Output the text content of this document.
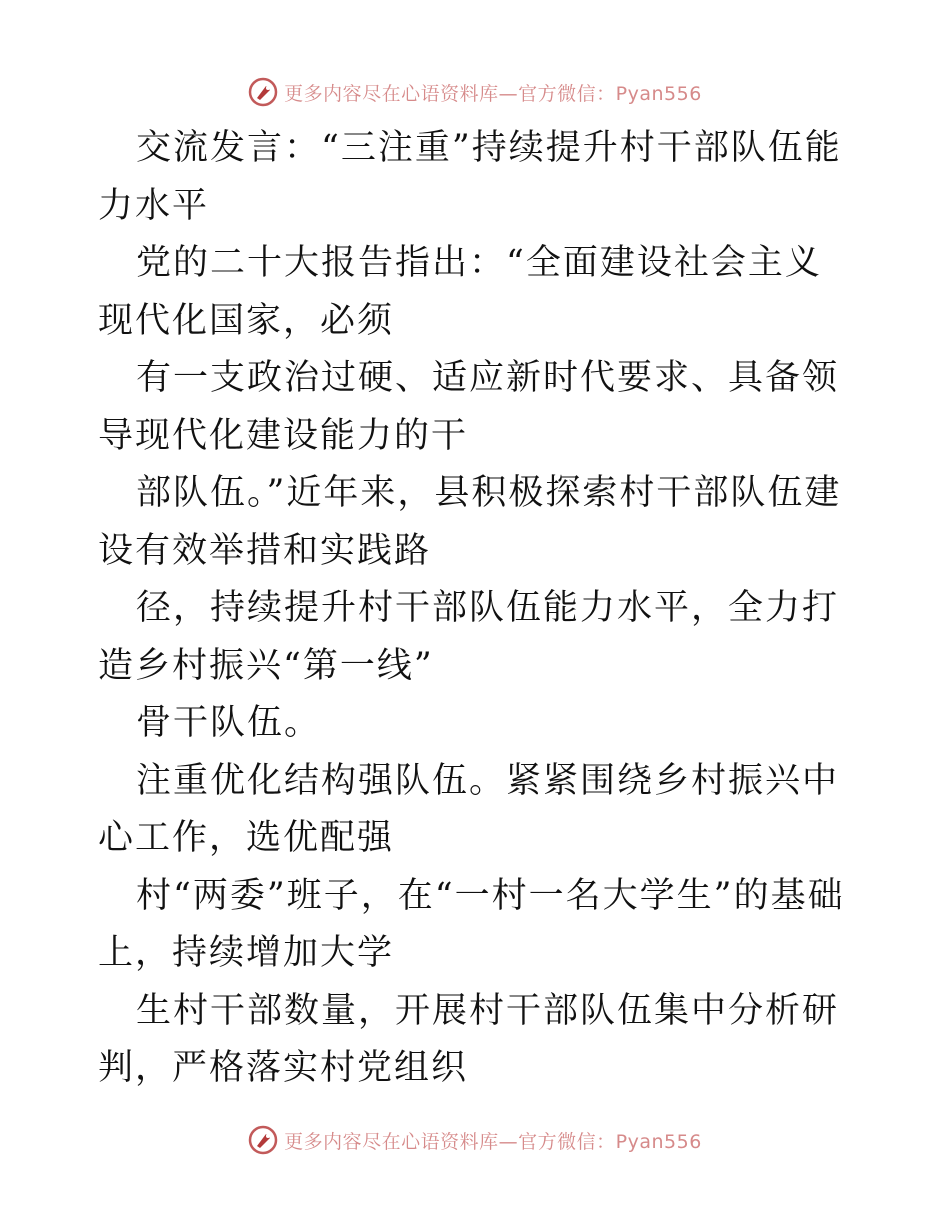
更多内容尽在心语资料库—官方微信：Pyan556

交流发言：“三注重”持续提升村干部队伍能力水平

党的二十大报告指出：“全面建设社会主义现代化国家，必须

有一支政治过硬、适应新时代要求、具备领导现代化建设能力的干

部队伍。”近年来，县积极探索村干部队伍建设有效举措和实践路

径，持续提升村干部队伍能力水平，全力打造乡村振兴“第一线”

骨干队伍。

注重优化结构强队伍。紧紧围绕乡村振兴中心工作，选优配强

村“两委”班子，在“一村一名大学生”的基础上，持续增加大学

生村干部数量，开展村干部队伍集中分析研判，严格落实村党组织

更多内容尽在心语资料库—官方微信：Pyan556
